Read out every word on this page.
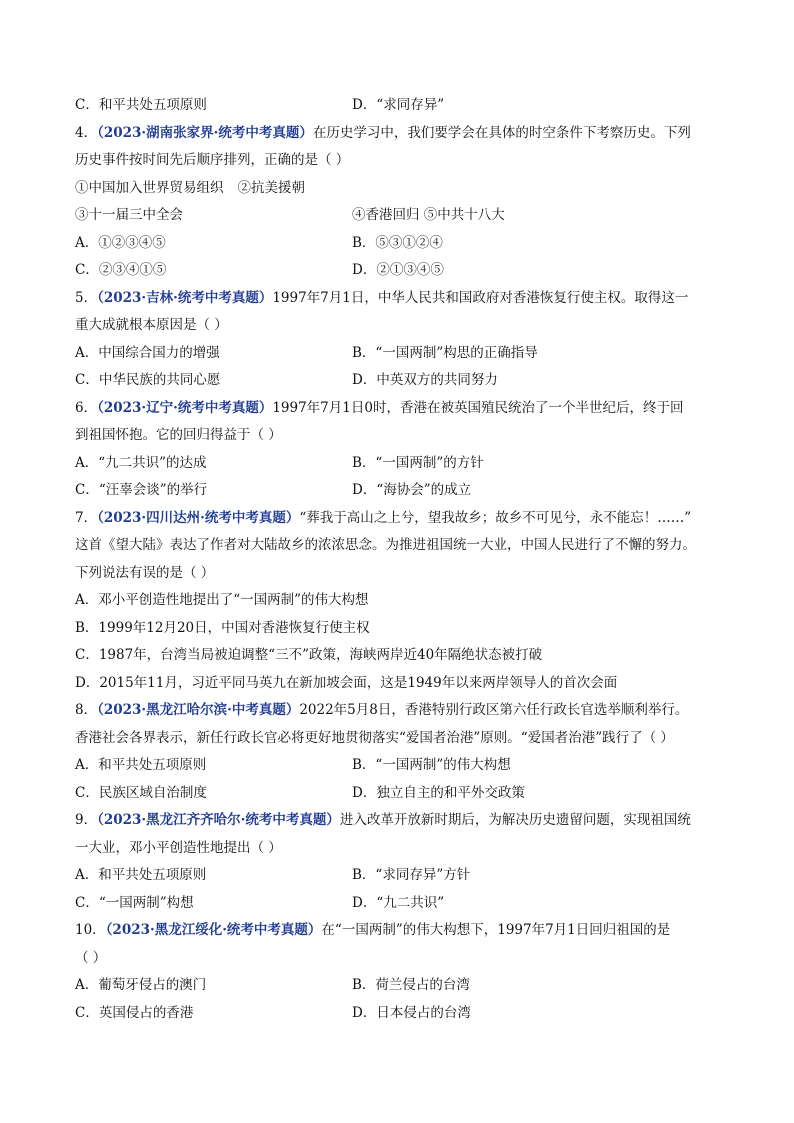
C．和平共处五项原则	D．“求同存异”
4．（2023·湖南张家界·统考中考真题）在历史学习中，我们要学会在具体的时空条件下考察历史。下列
历史事件按时间先后顺序排列，正确的是（ ）
①中国加入世界贸易组织 ②抗美援朝
③十一届三中全会	④香港回归 ⑤中共十八大
A．①②③④⑤	B．⑤③①②④
C．②③④①⑤	D．②①③④⑤
5．（2023·吉林·统考中考真题）1997年7月1日，中华人民共和国政府对香港恢复行使主权。取得这一
重大成就根本原因是（ ）
A．中国综合国力的增强	B．“一国两制”构思的正确指导
C．中华民族的共同心愿	D．中英双方的共同努力
6．（2023·辽宁·统考中考真题）1997年7月1日0时，香港在被英国殖民统治了一个半世纪后，终于回
到祖国怀抱。它的回归得益于（ ）
A．“九二共识”的达成	B．“一国两制”的方针
C．“汪辜会谈”的举行	D．“海协会”的成立
7．（2023·四川达州·统考中考真题）“葬我于高山之上兮，望我故乡；故乡不可见兮，永不能忘！……”
这首《望大陆》表达了作者对大陆故乡的浓浓思念。为推进祖国统一大业，中国人民进行了不懈的努力。
下列说法有误的是（ ）
A．邓小平创造性地提出了“一国两制”的伟大构想
B．1999年12月20日，中国对香港恢复行使主权
C．1987年，台湾当局被迫调整“三不”政策，海峡两岸近40年隔绝状态被打破
D．2015年11月，习近平同马英九在新加坡会面，这是1949年以来两岸领导人的首次会面
8．（2023·黑龙江哈尔滨·中考真题）2022年5月8日，香港特别行政区第六任行政长官选举顺利举行。
香港社会各界表示，新任行政长官必将更好地贯彻落实“爱国者治港”原则。“爱国者治港”践行了（ ）
A．和平共处五项原则	B．“一国两制”的伟大构想
C．民族区域自治制度	D．独立自主的和平外交政策
9．（2023·黑龙江齐齐哈尔·统考中考真题）进入改革开放新时期后，为解决历史遗留问题，实现祖国统
一大业，邓小平创造性地提出（ ）
A．和平共处五项原则	B．“求同存异”方针
C．“一国两制”构想	D．“九二共识”
10．（2023·黑龙江绥化·统考中考真题）在“一国两制”的伟大构想下，1997年7月1日回归祖国的是
（ ）
A．葡萄牙侵占的澳门	B．荷兰侵占的台湾
C．英国侵占的香港	D．日本侵占的台湾
